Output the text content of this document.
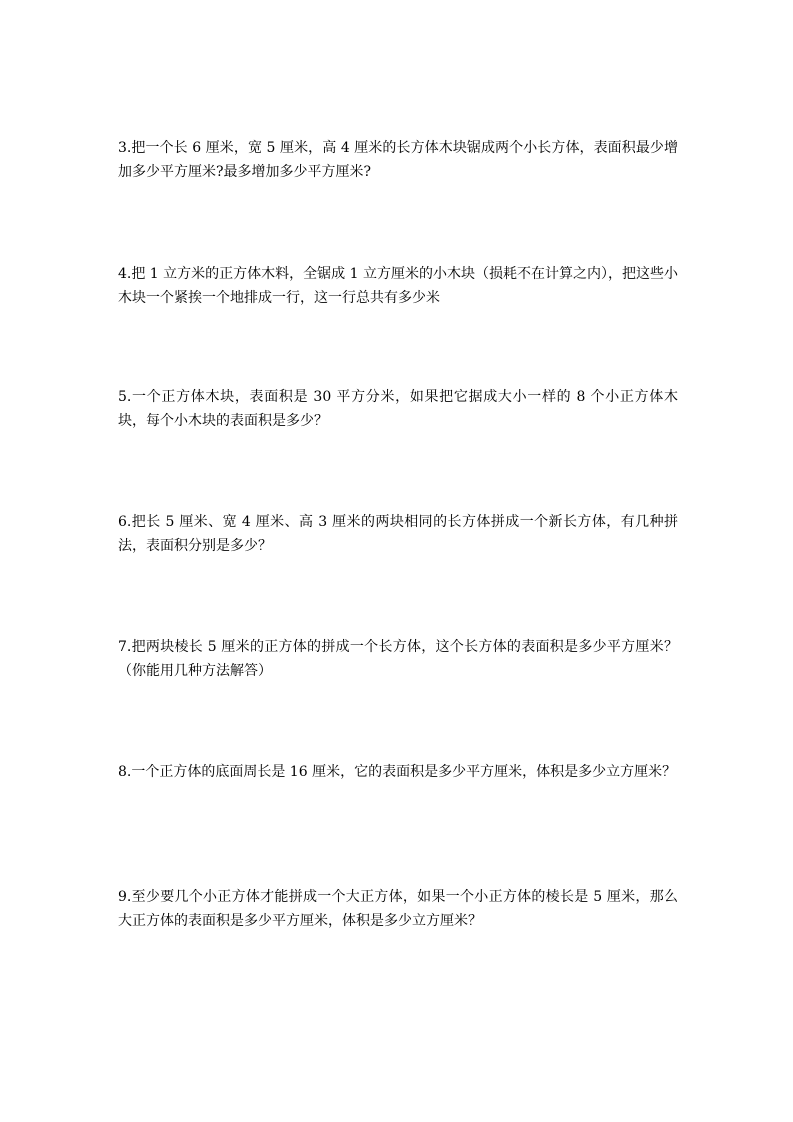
3.把一个长 6 厘米，宽 5 厘米，高 4 厘米的长方体木块锯成两个小长方体，表面积最少增加多少平方厘米?最多增加多少平方厘米?

4.把 1 立方米的正方体木料，全锯成 1 立方厘米的小木块（损耗不在计算之内），把这些小木块一个紧挨一个地排成一行，这一行总共有多少米

5.一个正方体木块，表面积是 30 平方分米，如果把它据成大小一样的 8 个小正方体木块，每个小木块的表面积是多少？

6.把长 5 厘米、宽 4 厘米、高 3 厘米的两块相同的长方体拼成一个新长方体，有几种拼法，表面积分别是多少？

7.把两块棱长 5 厘米的正方体的拼成一个长方体，这个长方体的表面积是多少平方厘米？（你能用几种方法解答）

8.一个正方体的底面周长是 16 厘米，它的表面积是多少平方厘米，体积是多少立方厘米？

9.至少要几个小正方体才能拼成一个大正方体，如果一个小正方体的棱长是 5 厘米，那么大正方体的表面积是多少平方厘米，体积是多少立方厘米？
